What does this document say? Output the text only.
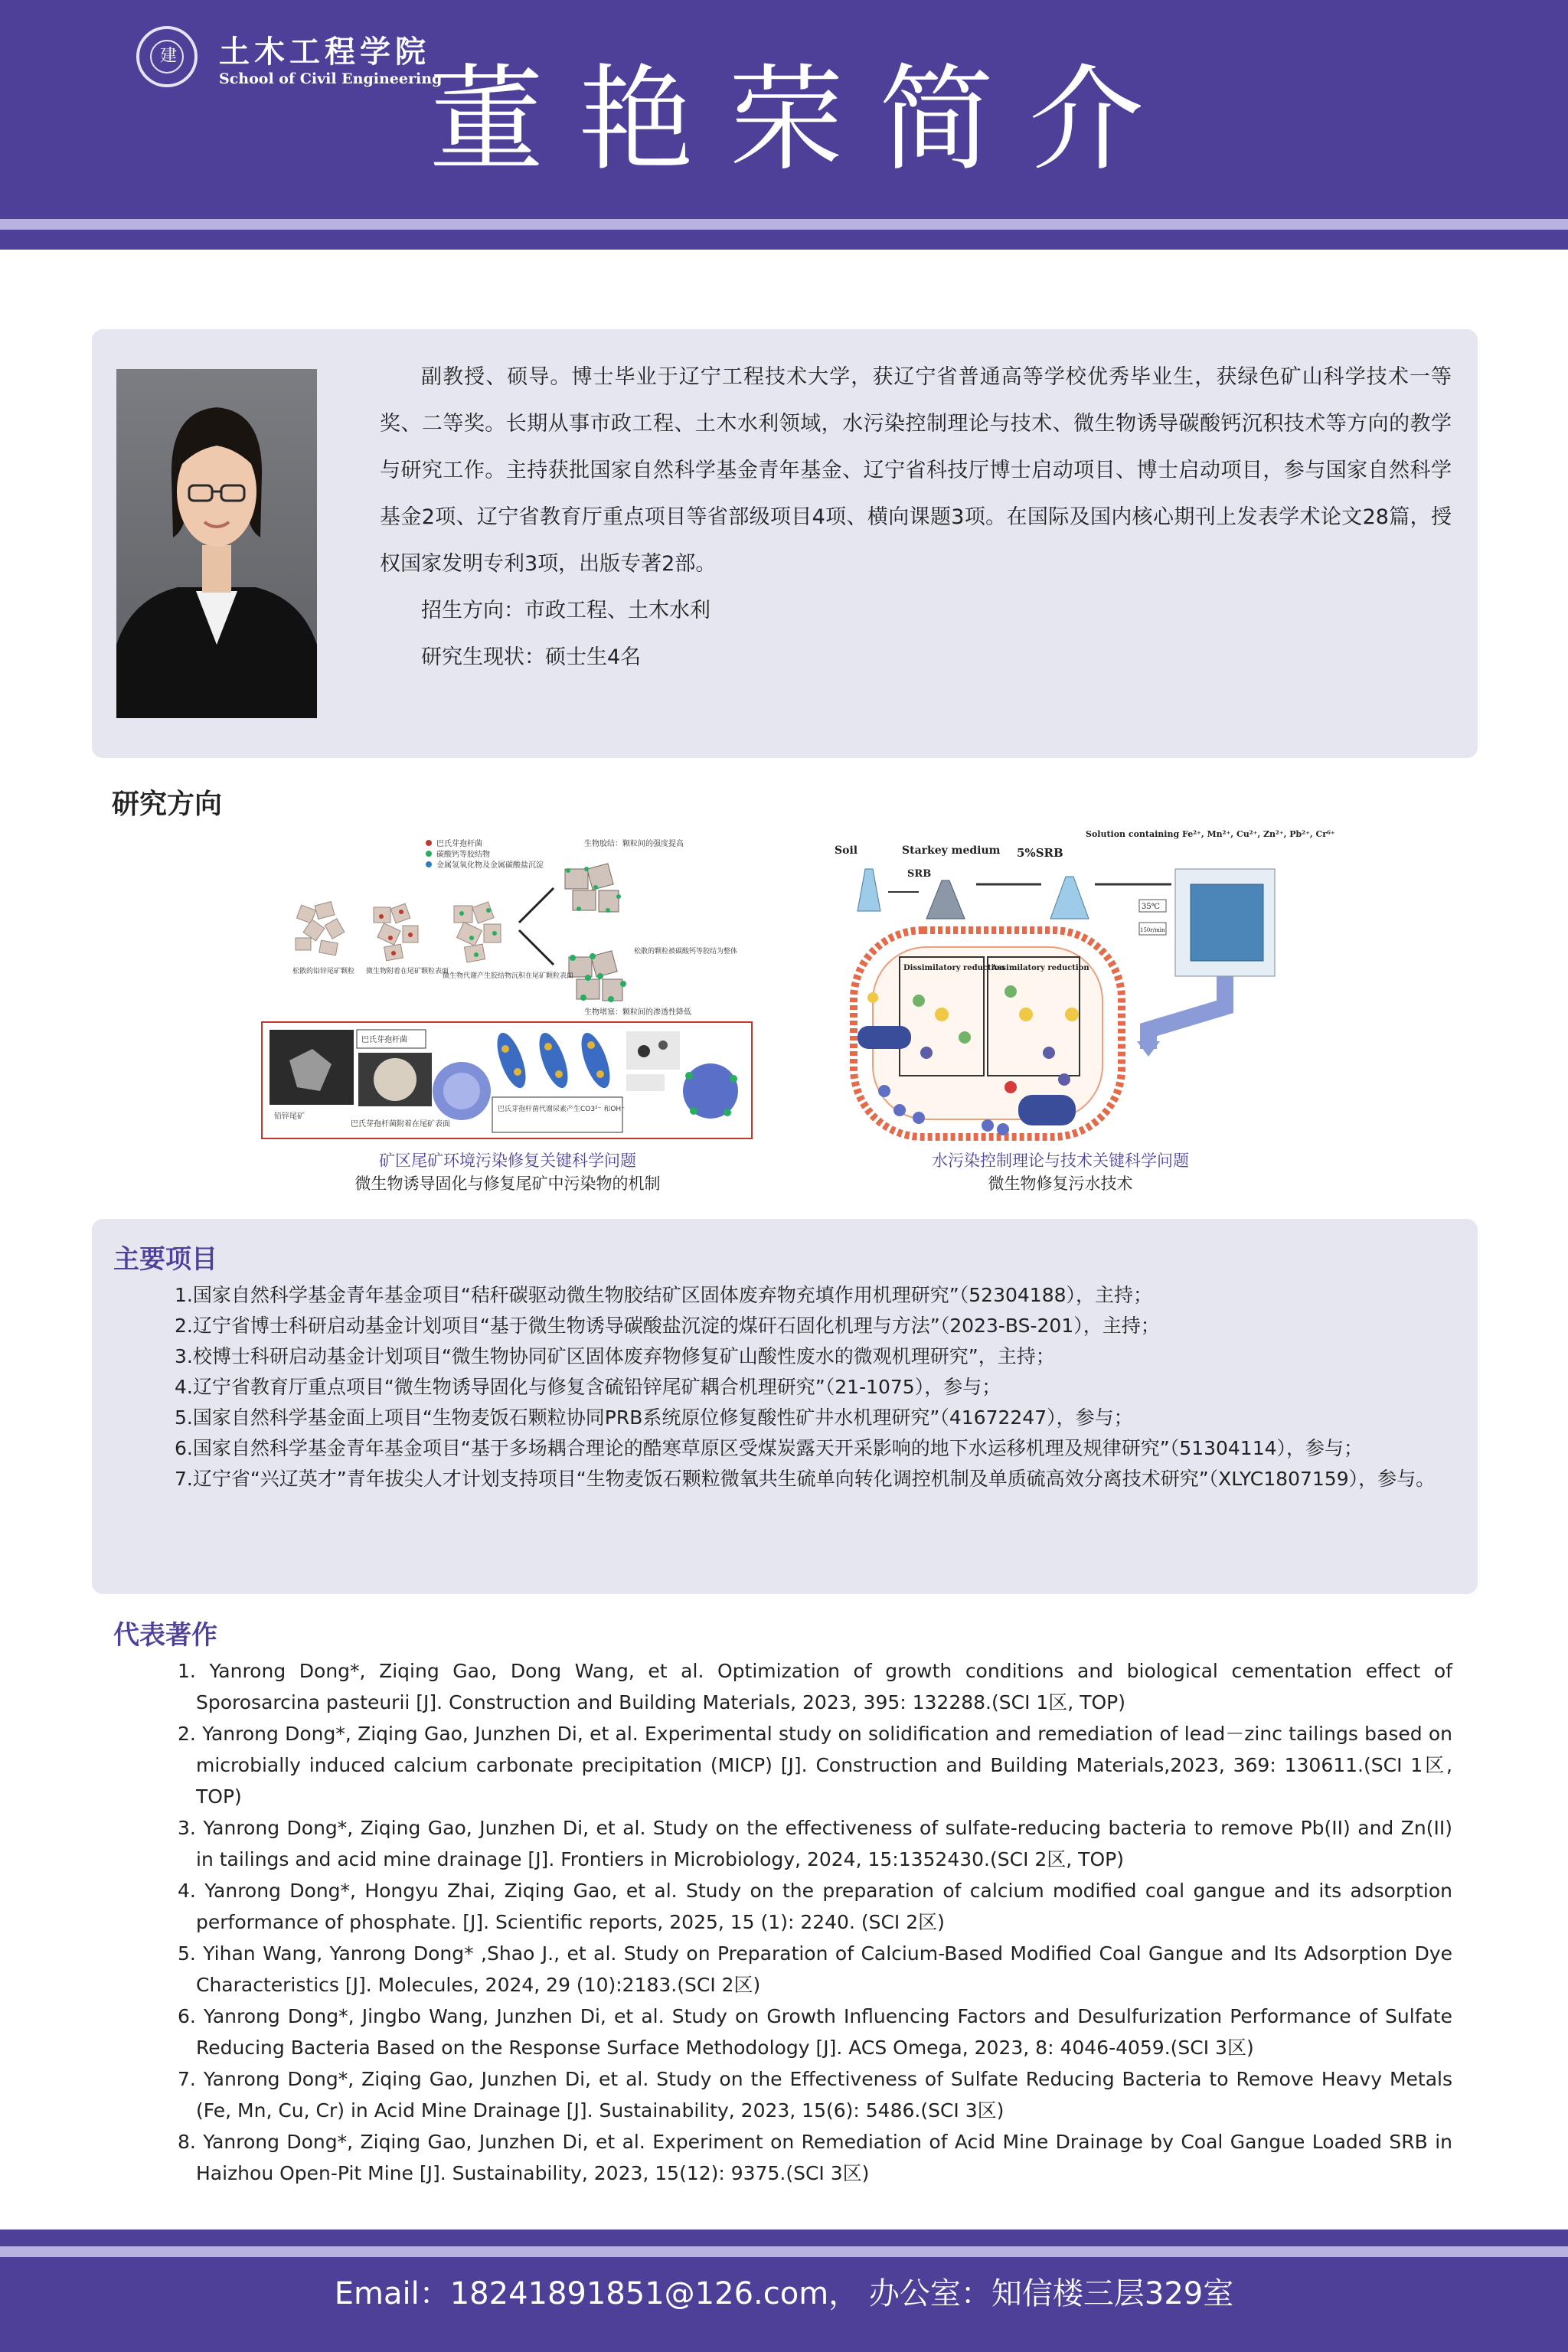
建 土木工程学院
School of Civil Engineering
董艳荣简介

副教授、硕导。博士毕业于辽宁工程技术大学，获辽宁省普通高等学校优秀毕业生，获绿色矿山科学技术一等奖、二等奖。长期从事市政工程、土木水利领域，水污染控制理论与技术、微生物诱导碳酸钙沉积技术等方向的教学与研究工作。主持获批国家自然科学基金青年基金、辽宁省科技厅博士启动项目、博士启动项目，参与国家自然科学基金2项、辽宁省教育厅重点项目等省部级项目4项、横向课题3项。在国际及国内核心期刊上发表学术论文28篇，授权国家发明专利3项，出版专著2部。

招生方向：市政工程、土木水利

研究生现状：硕士生4名

研究方向
巴氏芽孢杆菌
碳酸钙等胶结物
金属氢氧化物及金属碳酸盐沉淀
生物胶结：颗粒间的强度提高
松散的铅锌尾矿颗粒 微生物附着在尾矿颗粒表面
微生物代谢产生胶结物沉积在尾矿颗粒表面
松散的颗粒被碳酸钙等胶结为整体
生物堵塞：颗粒间的渗透性降低
巴氏芽孢杆菌
铅锌尾矿
巴氏芽孢杆菌附着在尾矿表面
巴氏芽孢杆菌代谢尿素产生CO3²⁻ 和OH⁻
Soil	Starkey medium 5%SRB
SRB
Solution containing Fe²⁺, Mn²⁺, Cu²⁺, Zn²⁺, Pb²⁺, Cr⁶⁺
35℃
150r/min
Dissimilatory reduction
Assimilatory reduction
矿区尾矿环境污染修复关键科学问题
微生物诱导固化与修复尾矿中污染物的机制
水污染控制理论与技术关键科学问题
微生物修复污水技术
主要项目
1.国家自然科学基金青年基金项目“秸秆碳驱动微生物胶结矿区固体废弃物充填作用机理研究”（52304188），主持；
2.辽宁省博士科研启动基金计划项目“基于微生物诱导碳酸盐沉淀的煤矸石固化机理与方法”（2023-BS-201），主持；
3.校博士科研启动基金计划项目“微生物协同矿区固体废弃物修复矿山酸性废水的微观机理研究”，主持；
4.辽宁省教育厅重点项目“微生物诱导固化与修复含硫铅锌尾矿耦合机理研究”（21-1075），参与；
5.国家自然科学基金面上项目“生物麦饭石颗粒协同PRB系统原位修复酸性矿井水机理研究”（41672247），参与；
6.国家自然科学基金青年基金项目“基于多场耦合理论的酷寒草原区受煤炭露天开采影响的地下水运移机理及规律研究”（51304114），参与；
7.辽宁省“兴辽英才”青年拔尖人才计划支持项目“生物麦饭石颗粒微氧共生硫单向转化调控机制及单质硫高效分离技术研究”（XLYC1807159），参与。
代表著作
1. Yanrong Dong*, Ziqing Gao, Dong Wang, et al. Optimization of growth conditions and biological cementation effect of Sporosarcina pasteurii [J]. Construction and Building Materials, 2023, 395: 132288.(SCI 1区, TOP)
2. Yanrong Dong*, Ziqing Gao, Junzhen Di, et al. Experimental study on solidification and remediation of lead－zinc tailings based on microbially induced calcium carbonate precipitation (MICP) [J]. Construction and Building Materials,2023, 369: 130611.(SCI 1区, TOP)
3. Yanrong Dong*, Ziqing Gao, Junzhen Di, et al. Study on the effectiveness of sulfate-reducing bacteria to remove Pb(II) and Zn(II) in tailings and acid mine drainage [J]. Frontiers in Microbiology, 2024, 15:1352430.(SCI 2区, TOP)
4. Yanrong Dong*, Hongyu Zhai, Ziqing Gao, et al. Study on the preparation of calcium modified coal gangue and its adsorption performance of phosphate. [J]. Scientific reports, 2025, 15 (1): 2240. (SCI 2区)
5. Yihan Wang, Yanrong Dong* ,Shao J., et al. Study on Preparation of Calcium-Based Modified Coal Gangue and Its Adsorption Dye Characteristics [J]. Molecules, 2024, 29 (10):2183.(SCI 2区)
6. Yanrong Dong*, Jingbo Wang, Junzhen Di, et al. Study on Growth Influencing Factors and Desulfurization Performance of Sulfate Reducing Bacteria Based on the Response Surface Methodology [J]. ACS Omega, 2023, 8: 4046-4059.(SCI 3区)
7. Yanrong Dong*, Ziqing Gao, Junzhen Di, et al. Study on the Effectiveness of Sulfate Reducing Bacteria to Remove Heavy Metals (Fe, Mn, Cu, Cr) in Acid Mine Drainage [J]. Sustainability, 2023, 15(6): 5486.(SCI 3区)
8. Yanrong Dong*, Ziqing Gao, Junzhen Di, et al. Experiment on Remediation of Acid Mine Drainage by Coal Gangue Loaded SRB in Haizhou Open-Pit Mine [J]. Sustainability, 2023, 15(12): 9375.(SCI 3区)
Email：18241891851@126.com， 办公室：知信楼三层329室
